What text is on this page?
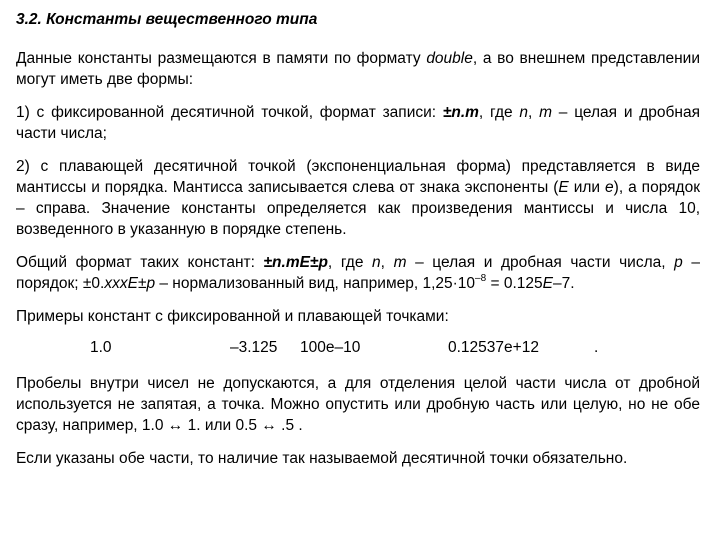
3.2. Константы вещественного типа

Данные константы размещаются в памяти по формату double, а во внешнем представлении могут иметь две формы:

1) с фиксированной десятичной точкой, формат записи: ±n.m, где n, m – целая и дробная части числа;

2) с плавающей десятичной точкой (экспоненциальная форма) представляется в виде мантиссы и порядка. Мантисса записывается слева от знака экспоненты (E или e), а порядок – справа. Значение константы определяется как произведения мантиссы и числа 10, возведенного в указанную в порядке степень.

Общий формат таких констант: ±n.mE±p, где n, m – целая и дробная части числа, p – порядок; ±0.xxxE±p – нормализованный вид, например, $1,25\cdot 10^{-8} = 0.125E-7$.

Примеры констант с фиксированной и плавающей точками:

1.0	–3.125 100е–10	0.12537е+12	.

Пробелы внутри чисел не допускаются, а для отделения целой части числа от дробной используется не запятая, а точка. Можно опустить или дробную часть или целую, но не обе сразу, например, 1.0 ↔ 1. или 0.5 ↔ .5 .

Если указаны обе части, то наличие так называемой десятичной точки обязательно.
